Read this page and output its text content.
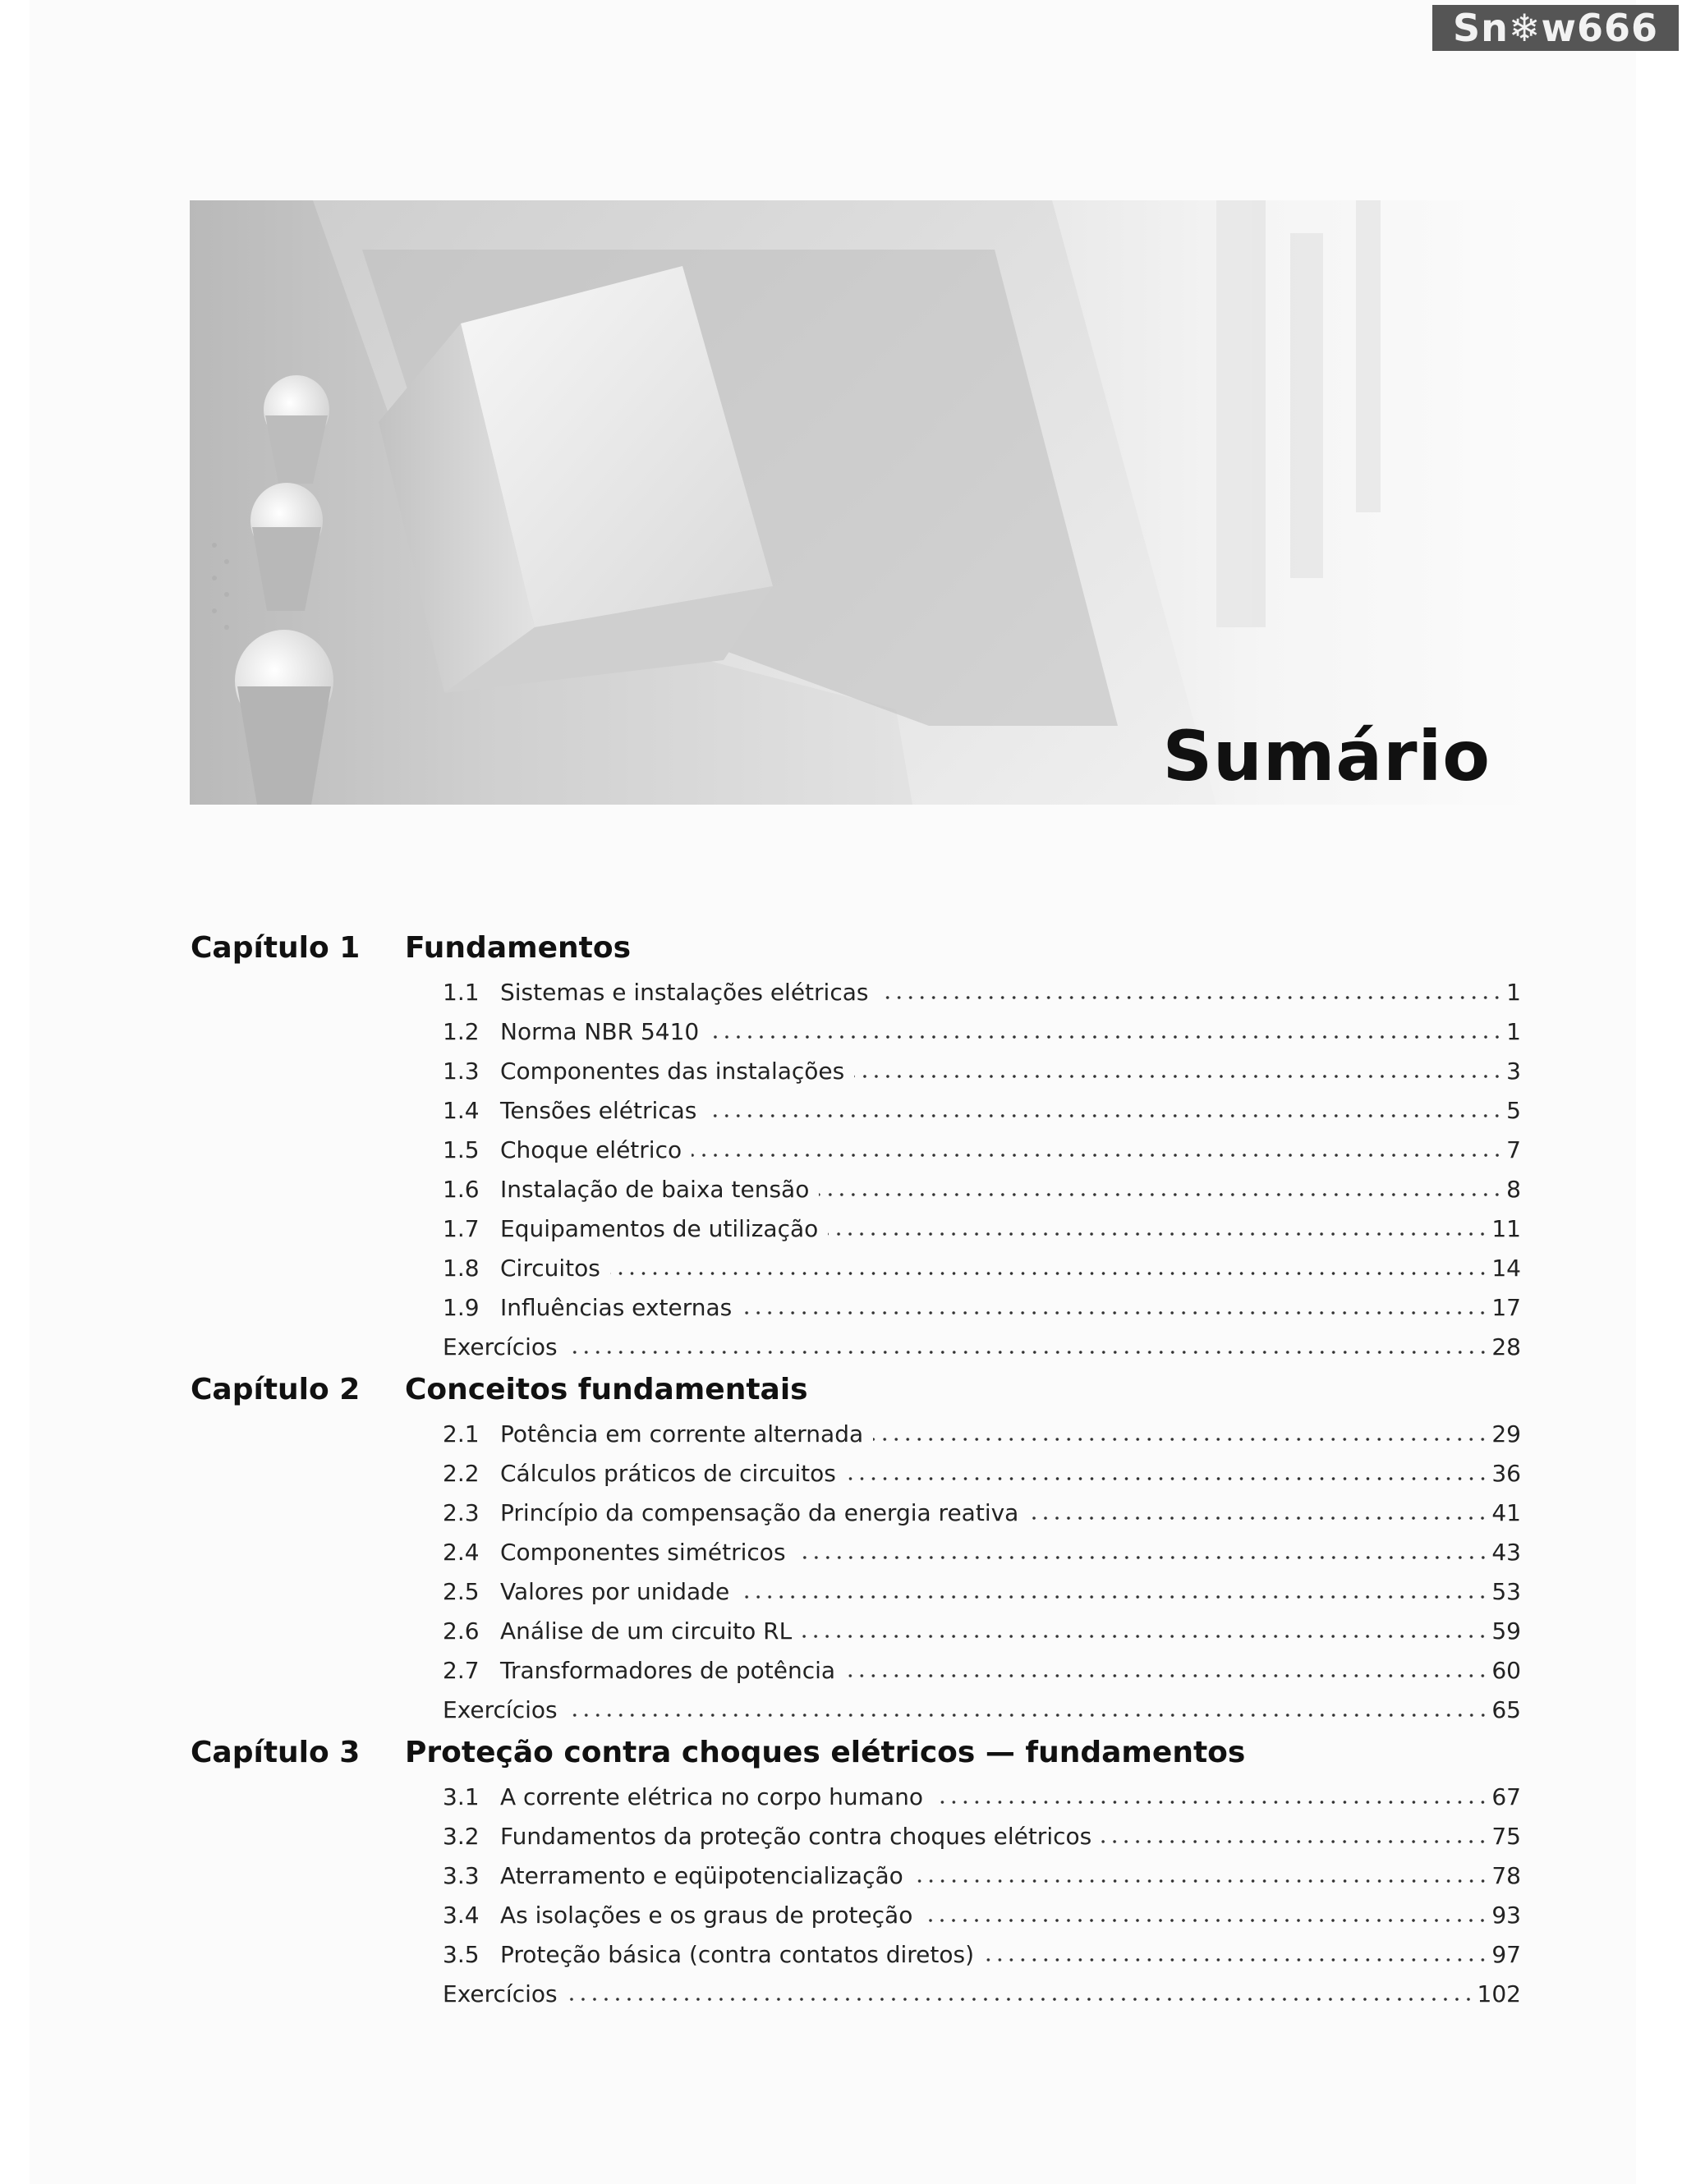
Sn❄w666
Sumário
Capítulo 1 Fundamentos
1.1 Sistemas e instalações elétricas	1
1.2 Norma NBR 5410	1
1.3 Componentes das instalações	3
1.4 Tensões elétricas	5
1.5 Choque elétrico	7
1.6 Instalação de baixa tensão	8
1.7 Equipamentos de utilização	11
1.8 Circuitos	14
1.9 Influências externas	17
Exercícios	28
Capítulo 2 Conceitos fundamentais
2.1 Potência em corrente alternada	29
2.2 Cálculos práticos de circuitos	36
2.3 Princípio da compensação da energia reativa	41
2.4 Componentes simétricos	43
2.5 Valores por unidade	53
2.6 Análise de um circuito RL	59
2.7 Transformadores de potência	60
Exercícios	65
Capítulo 3 Proteção contra choques elétricos — fundamentos
3.1 A corrente elétrica no corpo humano	67
3.2 Fundamentos da proteção contra choques elétricos	75
3.3 Aterramento e eqüipotencialização	78
3.4 As isolações e os graus de proteção	93
3.5 Proteção básica (contra contatos diretos)	97
Exercícios	102
